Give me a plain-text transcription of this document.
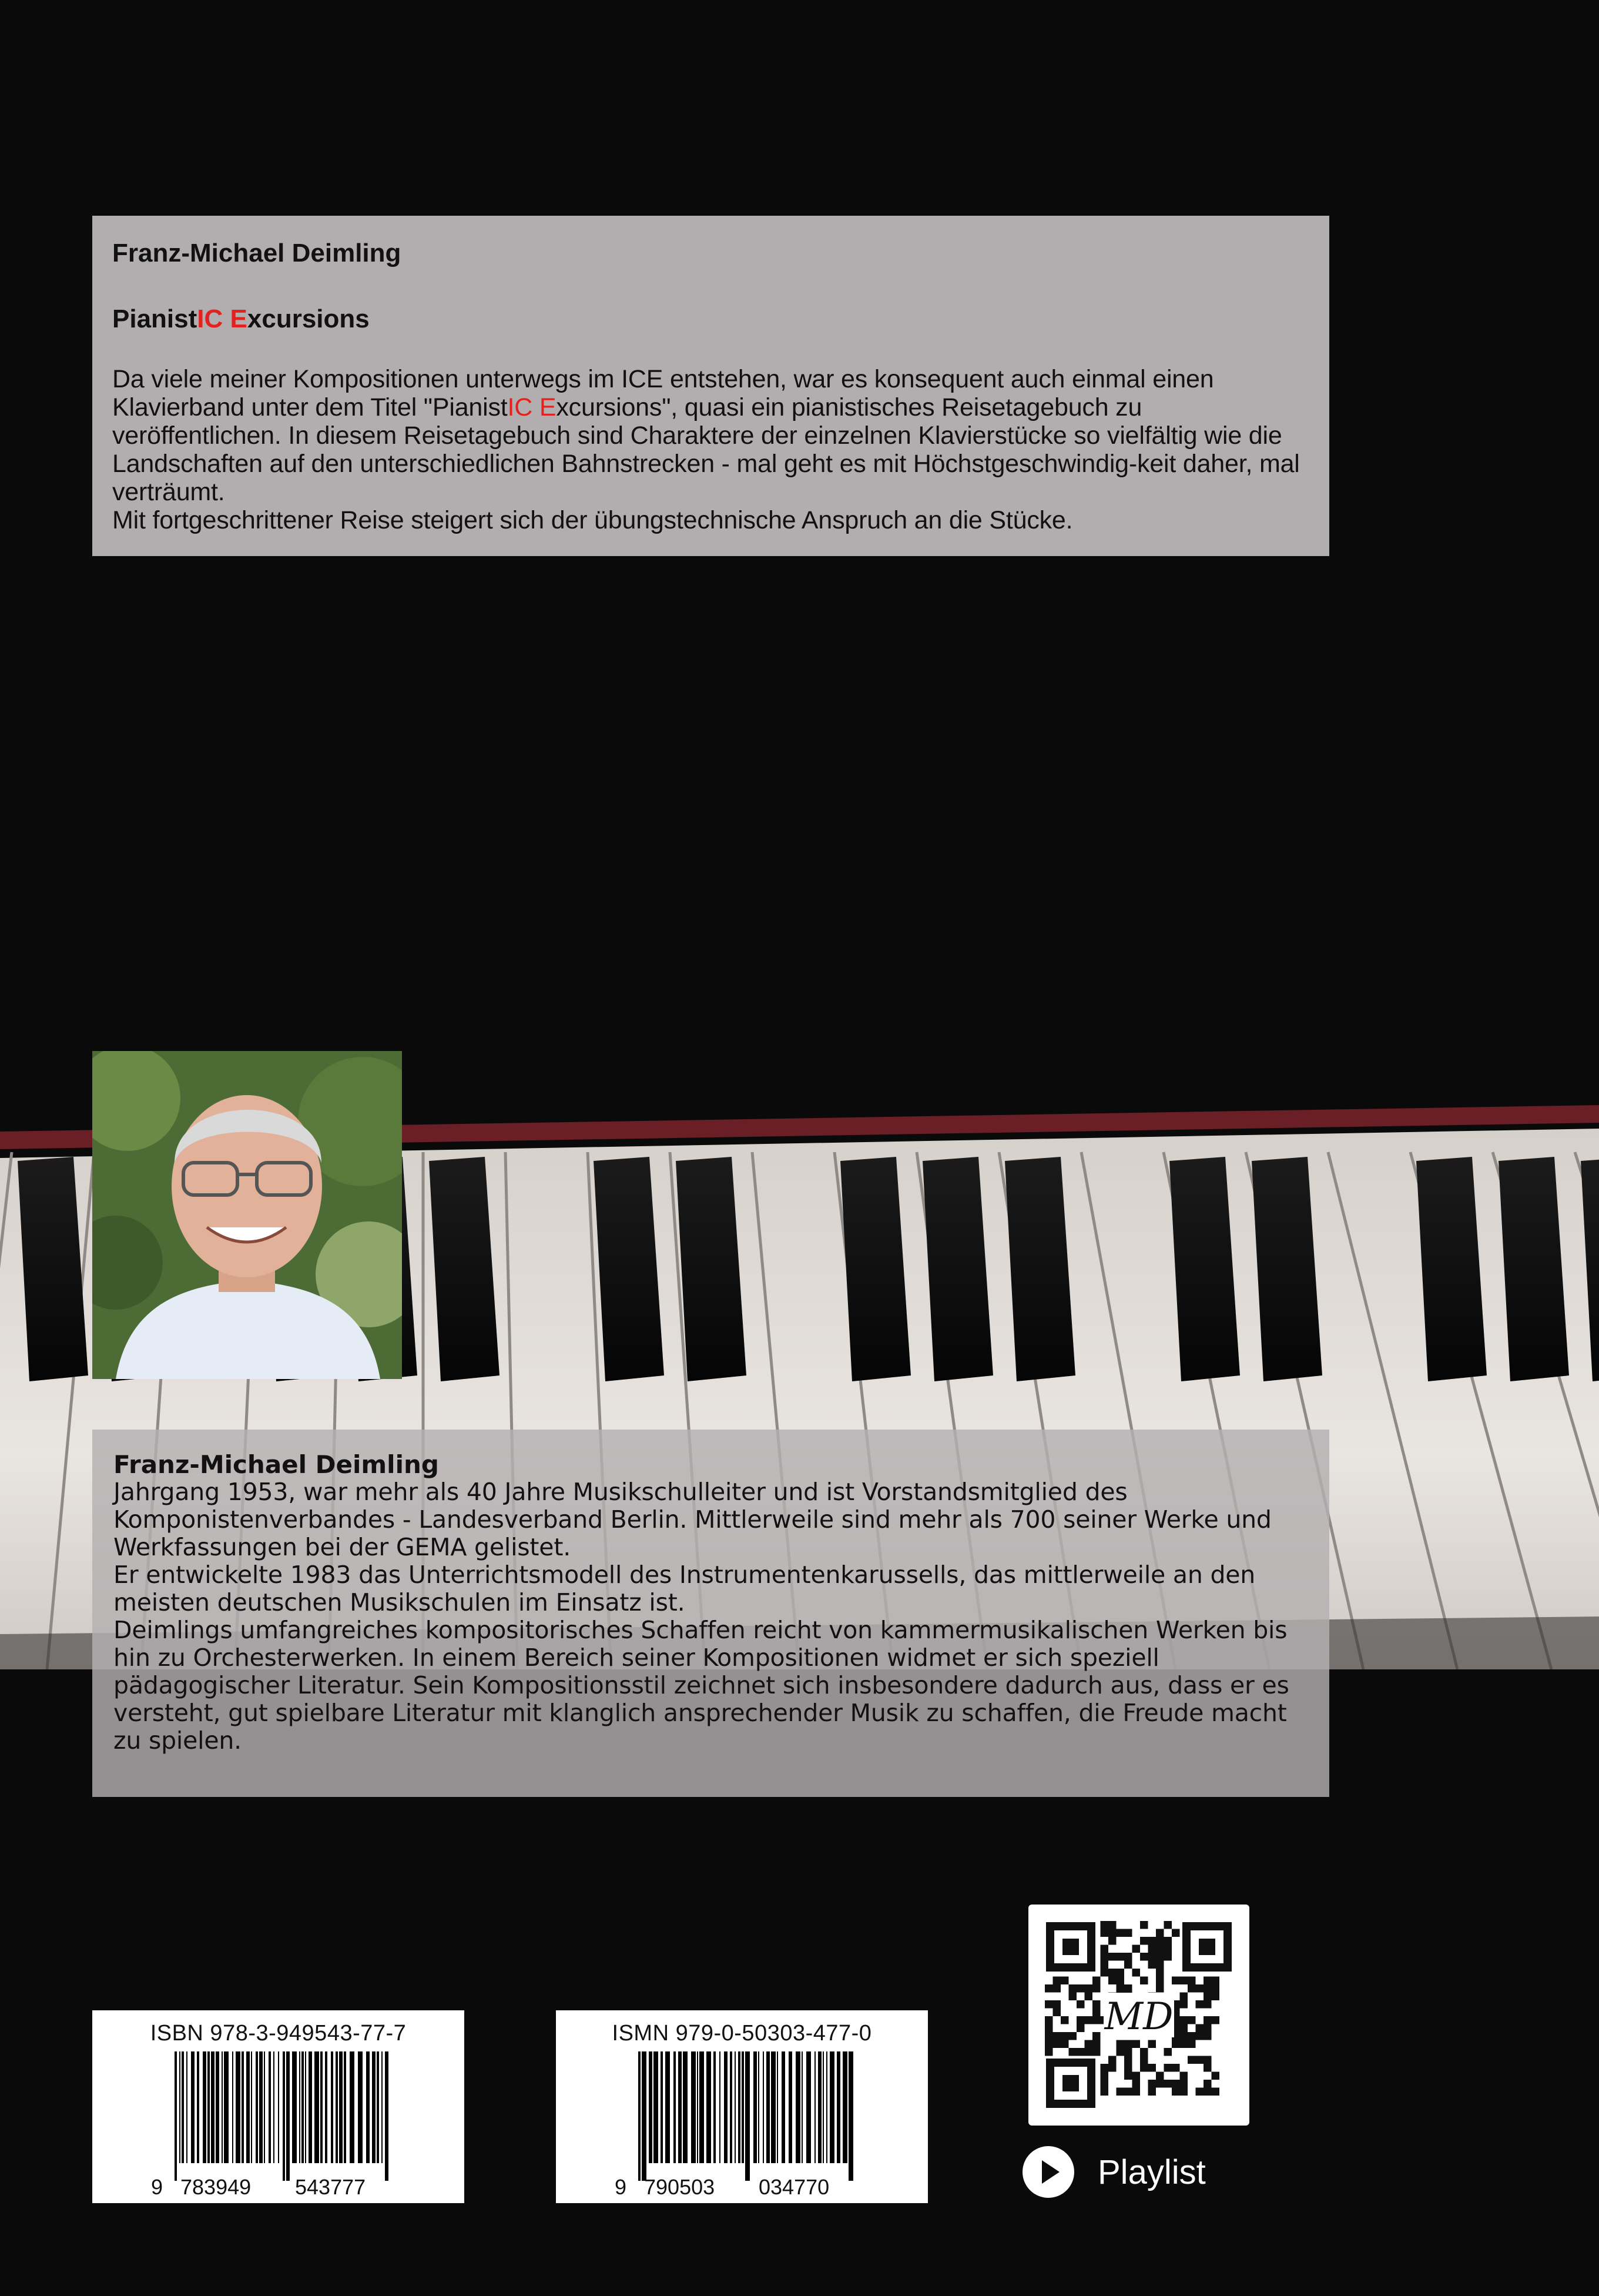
Franz-Michael Deimling

PianistIC Excursions

Da viele meiner Kompositionen unterwegs im ICE entstehen, war es konsequent auch einmal einen Klavierband unter dem Titel "PianistIC Excursions", quasi ein pianistisches Reisetagebuch zu veröffentlichen. In diesem Reisetagebuch sind Charaktere der einzelnen Klavierstücke so vielfältig wie die Landschaften auf den unterschiedlichen Bahnstrecken - mal geht es mit Höchstgeschwindig-keit daher, mal verträumt.
Mit fortgeschrittener Reise steigert sich der übungstechnische Anspruch an die Stücke.

Franz-Michael Deimling

Jahrgang 1953, war mehr als 40 Jahre Musikschulleiter und ist Vorstandsmitglied des Komponistenverbandes - Landesverband Berlin. Mittlerweile sind mehr als 700 seiner Werke und Werkfassungen bei der GEMA gelistet.

Er entwickelte 1983 das Unterrichtsmodell des Instrumentenkarussells, das mittlerweile an den meisten deutschen Musikschulen im Einsatz ist.

Deimlings umfangreiches kompositorisches Schaffen reicht von kammermusikalischen Werken bis hin zu Orchesterwerken. In einem Bereich seiner Kompositionen widmet er sich speziell pädagogischer Literatur. Sein Kompositionsstil zeichnet sich insbesondere dadurch aus, dass er es versteht, gut spielbare Literatur mit klanglich ansprechender Musik zu schaffen, die Freude macht zu spielen.

ISBN 978-3-949543-77-7
9 783949 543777
ISMN 979-0-50303-477-0
9 790503 034770
MD
Playlist
